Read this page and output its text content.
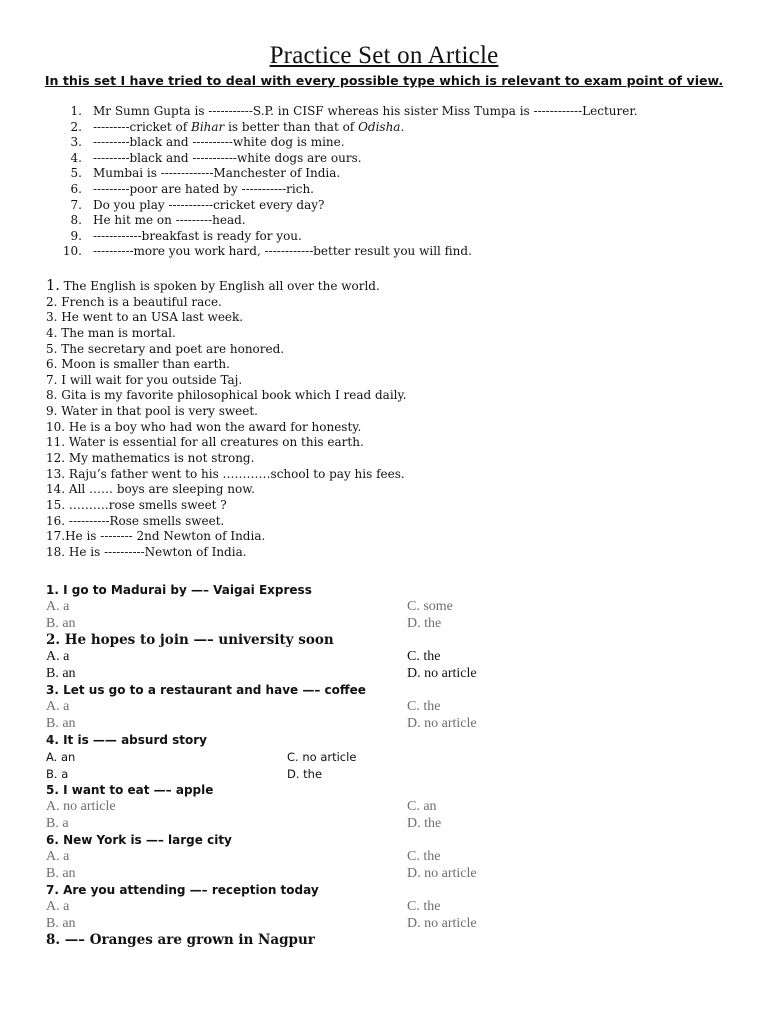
Practice Set on Article
In this set I have tried to deal with every possible type which is relevant to exam point of view.
1. Mr Sumn Gupta is -----------S.P. in CISF whereas his sister Miss Tumpa is ------------Lecturer.
2. ---------cricket of Bihar is better than that of Odisha.
3. ---------black and ----------white dog is mine.
4. ---------black and -----------white dogs are ours.
5. Mumbai is -------------Manchester of India.
6. ---------poor are hated by -----------rich.
7. Do you play -----------cricket every day?
8. He hit me on ---------head.
9. ------------breakfast is ready for you.
10. ----------more you work hard, ------------better result you will find.
1. The English is spoken by English all over the world.
2. French is a beautiful race.
3. He went to an USA last week.
4. The man is mortal.
5. The secretary and poet are honored.
6. Moon is smaller than earth.
7. I will wait for you outside Taj.
8. Gita is my favorite philosophical book which I read daily.
9. Water in that pool is very sweet.
10. He is a boy who had won the award for honesty.
11. Water is essential for all creatures on this earth.
12. My mathematics is not strong.
13. Raju’s father went to his …………school to pay his fees.
14. All …… boys are sleeping now.
15. ……….rose smells sweet ?
16. ----------Rose smells sweet.
17.He is -------- 2nd Newton of India.
18. He is ----------Newton of India.
1. I go to Madurai by —– Vaigai Express
A. a	C. some
B. an	D. the
2. He hopes to join —– university soon
A. a	C. the
B. an	D. no article
3. Let us go to a restaurant and have —– coffee
A. a	C. the
B. an	D. no article
4. It is —— absurd story
A. an	C. no article
B. a	D. the
5. I want to eat —– apple
A. no article	C. an
B. a	D. the
6. New York is —– large city
A. a	C. the
B. an	D. no article
7. Are you attending —– reception today
A. a	C. the
B. an	D. no article
8. —– Oranges are grown in Nagpur
